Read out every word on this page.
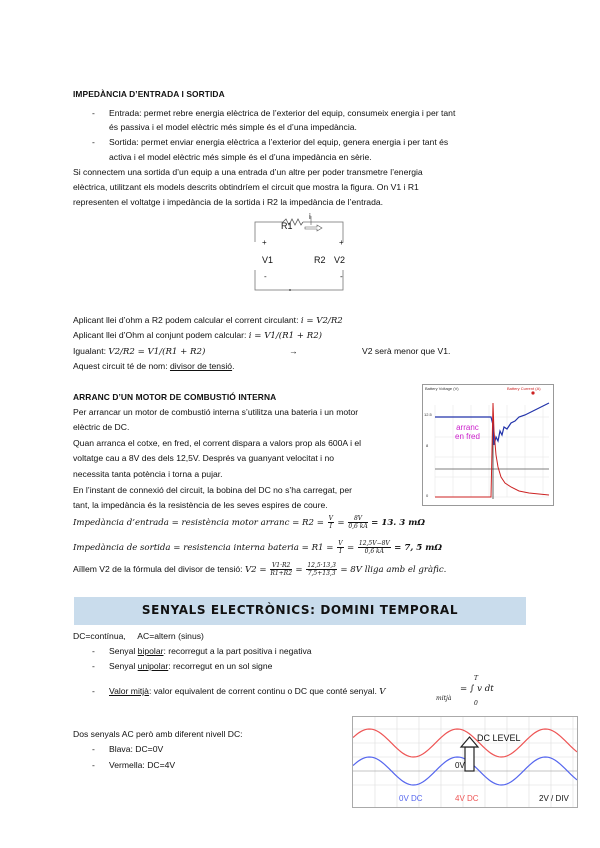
IMPEDÀNCIA D’ENTRADA I SORTIDA
- Entrada: permet rebre energia elèctrica de l’exterior del equip, consumeix energia i per tant
és passiva i el model elèctric més simple és el d’una impedància.
- Sortida: permet enviar energia elèctrica a l’exterior del equip, genera energia i per tant és
activa i el model elèctric més simple és el d’una impedància en sèrie.
Si connectem una sortida d’un equip a una entrada d’un altre per poder transmetre l’energia
elèctrica, utilitzant els models descrits obtindríem el circuit que mostra la figura. On V1 i R1
representen el voltatge i impedància de la sortida i R2 la impedància de l’entrada.
R1
i
+
V1
-
R2
+
V2
-
Aplicant llei d’ohm a R2 podem calcular el corrent circulant: i = V2/R2
Aplicant llei d’Ohm al conjunt podem calcular: i = V1/(R1 + R2)
Igualant: V2/R2 = V1/(R1 + R2)	→	V2 serà menor que V1.
Aquest circuit té de nom: divisor de tensió.
ARRANC D’UN MOTOR DE COMBUSTIÓ INTERNA
Per arrancar un motor de combustió interna s’utilitza una bateria i un motor
elèctric de DC.
Quan arranca el cotxe, en fred, el corrent dispara a valors prop als 600A i el
voltatge cau a 8V des dels 12,5V. Després va guanyant velocitat i no
necessita tanta potència i torna a pujar.
En l’instant de connexió del circuit, la bobina del DC no s’ha carregat, per
tant, la impedància és la resistència de les seves espires de coure.
Battery Voltage (V)	Battery Current (A)
12.5
8
0
arranc
en fred
Impedància d’entrada = resistència motor arranc = $R2 = \frac{V}{I} = \frac{8V}{0,6 kA} = 13$. 3 mΩ
Impedància de sortida = resistencia interna bateria = $R1 = \frac{V}{I} = \frac{12,5V-8V}{0,6 kA} = 7$, 5 mΩ
Aïllem V2 de la fórmula del divisor de tensió: $V2 = \frac{V1\cdot R2}{R1+R2} = \frac{12,5\cdot 13,3}{7,5+13,3} = 8V$ lliga amb el gràfic.
SENYALS ELECTRÒNICS: DOMINI TEMPORAL
DC=contínua,     AC=altern (sinus)
- Senyal bipolar: recorregut a la part positiva i negativa
- Senyal unipolar: recorregut en un sol signe
- Valor mitjà: valor equivalent de corrent continu o DC que conté senyal. V
mitjà
= ∫ v dt
T
0
Dos senyals AC però amb diferent nivell DC:
- Blava: DC=0V
- Vermella: DC=4V
DC LEVEL
0V
0V DC	4V DC	2V / DIV
